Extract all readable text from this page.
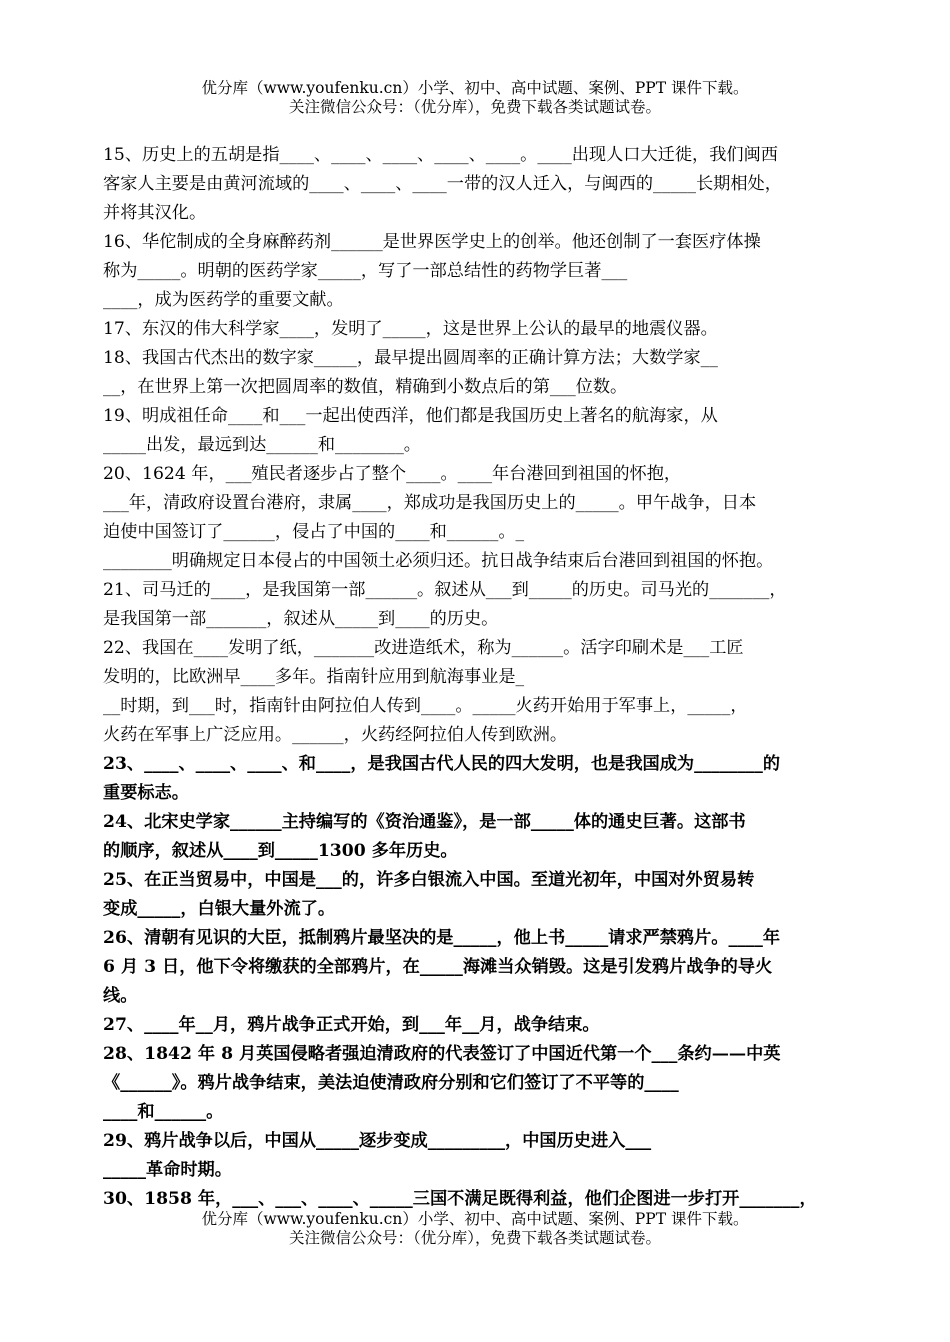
优分库（www.youfenku.cn）小学、初中、高中试题、案例、PPT 课件下载。
关注微信公众号：（优分库），免费下载各类试题试卷。
15、历史上的五胡是指____、____、____、____、____。____出现人口大迁徙，我们闽西
客家人主要是由黄河流域的____、____、____一带的汉人迁入，与闽西的_____长期相处，
并将其汉化。
16、华佗制成的全身麻醉药剂______是世界医学史上的创举。他还创制了一套医疗体操
称为_____。明朝的医药学家_____，写了一部总结性的药物学巨著___
____，成为医药学的重要文献。
17、东汉的伟大科学家____，发明了_____，这是世界上公认的最早的地震仪器。
18、我国古代杰出的数字家_____，最早提出圆周率的正确计算方法；大数学家__
__，在世界上第一次把圆周率的数值，精确到小数点后的第___位数。
19、明成祖任命____和___一起出使西洋，他们都是我国历史上著名的航海家，从
_____出发，最远到达______和________。
20、1624 年，___殖民者逐步占了整个____。____年台港回到祖国的怀抱，
___年，清政府设置台港府，隶属____，郑成功是我国历史上的_____。甲午战争，日本
迫使中国签订了______，侵占了中国的____和______。_
________明确规定日本侵占的中国领土必须归还。抗日战争结束后台港回到祖国的怀抱。
21、司马迁的____，是我国第一部______。叙述从___到_____的历史。司马光的_______，
是我国第一部_______，叙述从_____到____的历史。
22、我国在____发明了纸，_______改进造纸术，称为______。活字印刷术是___工匠
发明的，比欧洲早____多年。指南针应用到航海事业是_
__时期，到___时，指南针由阿拉伯人传到____。_____火药开始用于军事上，_____，
火药在军事上广泛应用。______，火药经阿拉伯人传到欧洲。
23、____、____、____、和____，是我国古代人民的四大发明，也是我国成为________的
重要标志。
24、北宋史学家______主持编写的《资治通鉴》，是一部_____体的通史巨著。这部书
的顺序，叙述从____到_____1300 多年历史。
25、在正当贸易中，中国是___的，许多白银流入中国。至道光初年，中国对外贸易转
变成_____，白银大量外流了。
26、清朝有见识的大臣，抵制鸦片最坚决的是_____，他上书_____请求严禁鸦片。____年
6 月 3 日，他下令将缴获的全部鸦片，在_____海滩当众销毁。这是引发鸦片战争的导火
线。
27、____年__月，鸦片战争正式开始，到___年__月，战争结束。
28、1842 年 8 月英国侵略者强迫清政府的代表签订了中国近代第一个___条约——中英
《______》。鸦片战争结束，美法迫使清政府分别和它们签订了不平等的____
____和______。
29、鸦片战争以后，中国从_____逐步变成_________，中国历史进入___
_____革命时期。
30、1858 年，___、___、____、_____三国不满足既得利益，他们企图进一步打开_______，
优分库（www.youfenku.cn）小学、初中、高中试题、案例、PPT 课件下载。
关注微信公众号：（优分库），免费下载各类试题试卷。
